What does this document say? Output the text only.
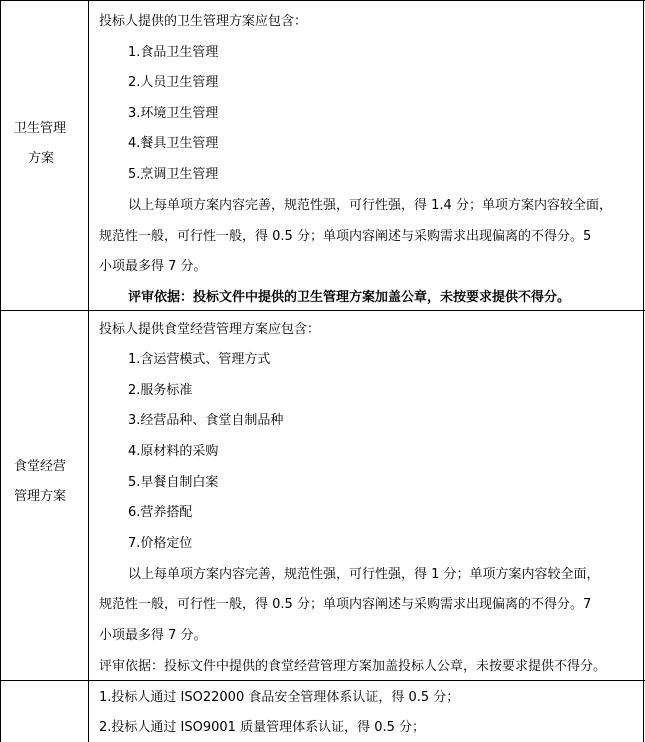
卫生管理
方案
投标人提供的卫生管理方案应包含：
1.食品卫生管理
2.人员卫生管理
3.环境卫生管理
4.餐具卫生管理
5.烹调卫生管理
以上每单项方案内容完善，规范性强，可行性强，得 1.4 分；单项方案内容较全面，
规范性一般，可行性一般，得 0.5 分；单项内容阐述与采购需求出现偏离的不得分。5
小项最多得 7 分。
评审依据：投标文件中提供的卫生管理方案加盖公章，未按要求提供不得分。
食堂经营
管理方案
投标人提供食堂经营管理方案应包含：
1.含运营模式、管理方式
2.服务标准
3.经营品种、食堂自制品种
4.原材料的采购
5.早餐自制白案
6.营养搭配
7.价格定位
以上每单项方案内容完善，规范性强，可行性强，得 1 分；单项方案内容较全面，
规范性一般，可行性一般，得 0.5 分；单项内容阐述与采购需求出现偏离的不得分。7
小项最多得 7 分。
评审依据：投标文件中提供的食堂经营管理方案加盖投标人公章，未按要求提供不得分。
1.投标人通过 ISO22000 食品安全管理体系认证，得 0.5 分；
2.投标人通过 ISO9001 质量管理体系认证，得 0.5 分；
